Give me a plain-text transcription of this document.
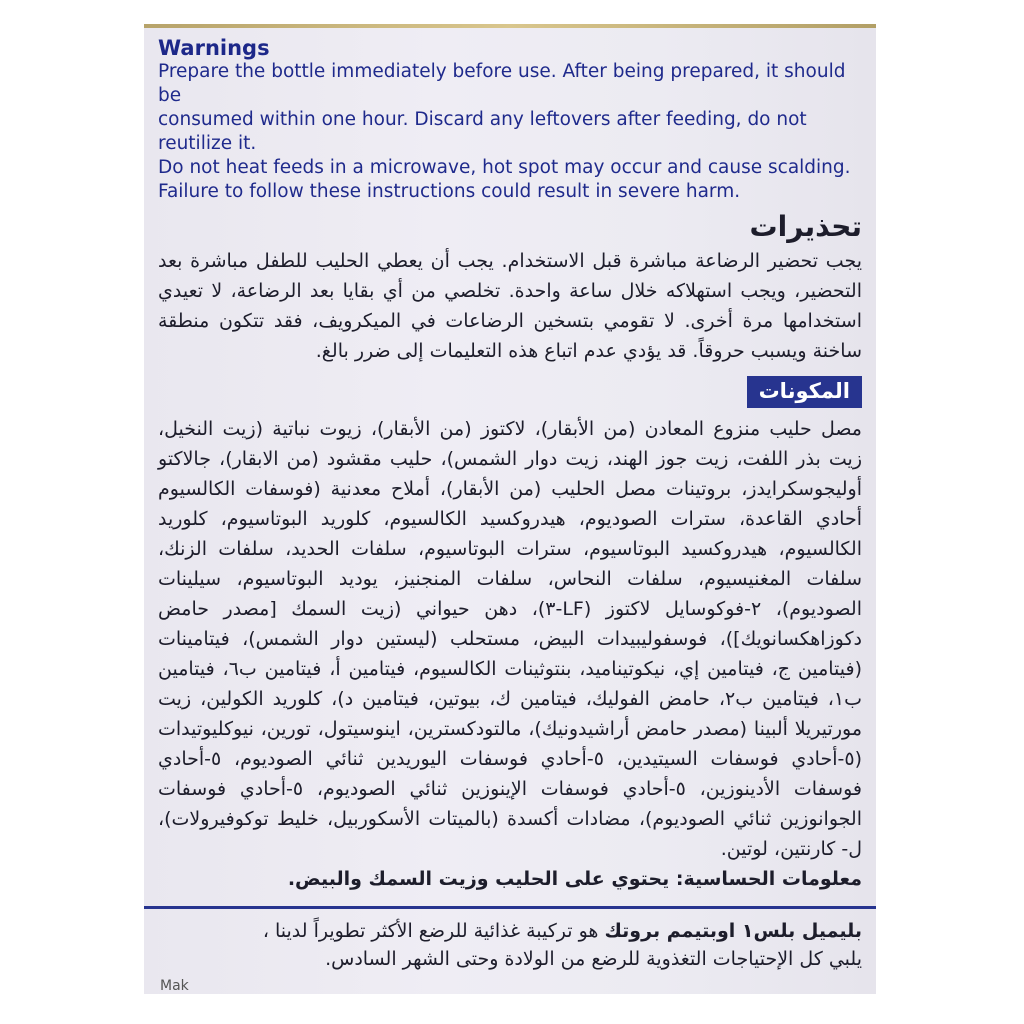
Warnings

Prepare the bottle immediately before use. After being prepared, it should be

consumed within one hour. Discard any leftovers after feeding, do not reutilize it.

Do not heat feeds in a microwave, hot spot may occur and cause scalding.

Failure to follow these instructions could result in severe harm.

تحذيرات

يجب تحضير الرضاعة مباشرة قبل الاستخدام. يجب أن يعطي الحليب للطفل مباشرة بعد التحضير، ويجب استهلاكه خلال ساعة واحدة. تخلصي من أي بقايا بعد الرضاعة، لا تعيدي استخدامها مرة أخرى. لا تقومي بتسخين الرضاعات في الميكرويف، فقد تتكون منطقة ساخنة ويسبب حروقاً. قد يؤدي عدم اتباع هذه التعليمات إلى ضرر بالغ.

المكونات

مصل حليب منزوع المعادن (من الأبقار)، لاكتوز (من الأبقار)، زيوت نباتية (زيت النخيل، زيت بذر اللفت، زيت جوز الهند، زيت دوار الشمس)، حليب مقشود (من الابقار)، جالاكتو أوليجوسكرايدز، بروتينات مصل الحليب (من الأبقار)، أملاح معدنية (فوسفات الكالسيوم أحادي القاعدة، سترات الصوديوم، هيدروكسيد الكالسيوم، كلوريد البوتاسيوم، كلوريد الكالسيوم، هيدروكسيد البوتاسيوم، سترات البوتاسيوم، سلفات الحديد، سلفات الزنك، سلفات المغنيسيوم، سلفات النحاس، سلفات المنجنيز، يوديد البوتاسيوم، سيلينات الصوديوم)، ٢-فوكوسايل لاكتوز (LF-٣)، دهن حيواني (زيت السمك [مصدر حامض دكوزاهكسانويك])، فوسفوليبيدات البيض، مستحلب (ليستين دوار الشمس)، فيتامينات (فيتامين ج، فيتامين إي، نيكوتيناميد، بنتوثينات الكالسيوم، فيتامين أ، فيتامين ب٦، فيتامين ب١، فيتامين ب٢، حامض الفوليك، فيتامين ك، بيوتين، فيتامين د)، كلوريد الكولين، زيت مورتيريلا ألبينا (مصدر حامض أراشيدونيك)، مالتودكسترين، اينوسيتول، تورين، نيوكليوتيدات (٥-أحادي فوسفات السيتيدين، ٥-أحادي فوسفات اليوريدين ثنائي الصوديوم، ٥-أحادي فوسفات الأدينوزين، ٥-أحادي فوسفات الإينوزين ثنائي الصوديوم، ٥-أحادي فوسفات الجوانوزين ثنائي الصوديوم)، مضادات أكسدة (بالميتات الأسكوربيل، خليط توكوفيرولات)، ل- كارنتين، لوتين.

معلومات الحساسية: يحتوي على الحليب وزيت السمك والبيض.

بليميل بلس١ اوبتيمم بروتك هو تركيبة غذائية للرضع الأكثر تطويراً لدينا ،

يلبي كل الإحتياجات التغذوية للرضع من الولادة وحتى الشهر السادس.

Mak
